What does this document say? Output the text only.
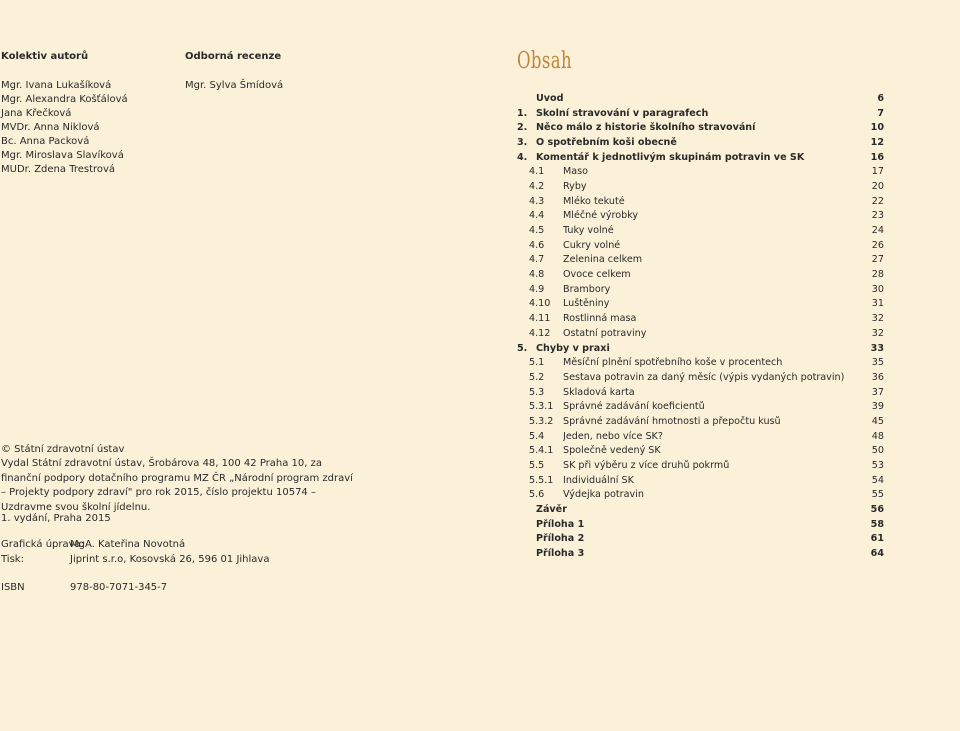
Kolektiv autorů
Mgr. Ivana Lukašíková
Mgr. Alexandra Košťálová
Jana Křečková
MVDr. Anna Niklová
Bc. Anna Packová
Mgr. Miroslava Slavíková
MUDr. Zdena Trestrová
Odborná recenze
Mgr. Sylva Šmídová
© Státní zdravotní ústav
Vydal Státní zdravotní ústav, Šrobárova 48, 100 42 Praha 10, za finanční podpory dotačního programu MZ ČR „Národní program zdraví – Projekty podpory zdraví" pro rok 2015, číslo projektu 10574 – Uzdravme svou školní jídelnu.
1. vydání, Praha 2015
Grafická úprava:
MgA. Kateřina Novotná
Tisk:	Jiprint s.r.o, Kosovská 26, 596 01 Jihlava
ISBN	978-80-7071-345-7
Obsah
Úvod	6
1. Školní stravování v paragrafech	7
2. Něco málo z historie školního stravování	10
3. O spotřebním koši obecně	12
4. Komentář k jednotlivým skupinám potravin ve SK	16
4.1	Maso	17
4.2	Ryby	20
4.3	Mléko tekuté	22
4.4	Mléčné výrobky	23
4.5	Tuky volné	24
4.6	Cukry volné	26
4.7	Zelenina celkem	27
4.8	Ovoce celkem	28
4.9	Brambory	30
4.10	Luštěniny	31
4.11	Rostlinná masa	32
4.12	Ostatní potraviny	32
5. Chyby v praxi	33
5.1	Měsíční plnění spotřebního koše v procentech	35
5.2	Sestava potravin za daný měsíc (výpis vydaných potravin)	36
5.3	Skladová karta	37
5.3.1 Správné zadávání koeficientů	39
5.3.2 Správné zadávání hmotnosti a přepočtu kusů	45
5.4	Jeden, nebo více SK?	48
5.4.1 Společně vedený SK	50
5.5	SK při výběru z více druhů pokrmů	53
5.5.1 Individuální SK	54
5.6	Výdejka potravin	55
Závěr	56
Příloha 1	58
Příloha 2	61
Příloha 3	64
